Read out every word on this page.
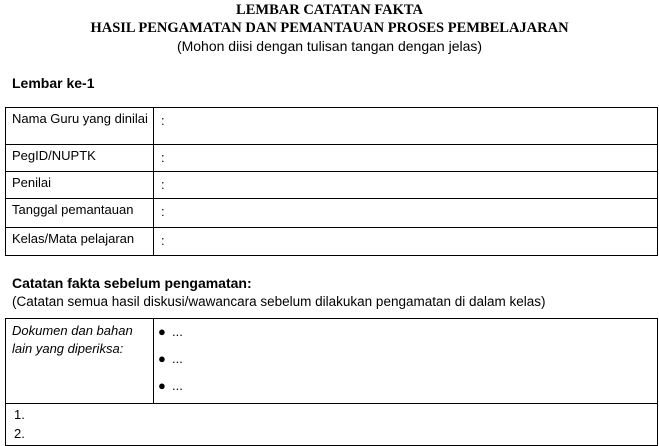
LEMBAR CATATAN FAKTA
HASIL PENGAMATAN DAN PEMANTAUAN PROSES PEMBELAJARAN
(Mohon diisi dengan tulisan tangan dengan jelas)
Lembar ke-1
Nama Guru yang dinilai	:
PegID/NUPTK	:
Penilai	:
Tanggal pemantauan	:
Kelas/Mata pelajaran	:
Catatan fakta sebelum pengamatan:
(Catatan semua hasil diskusi/wawancara sebelum dilakukan pengamatan di dalam kelas)
Dokumen dan bahan lain yang diperiksa:	
● ...
● ...
● ...

1.
2.
